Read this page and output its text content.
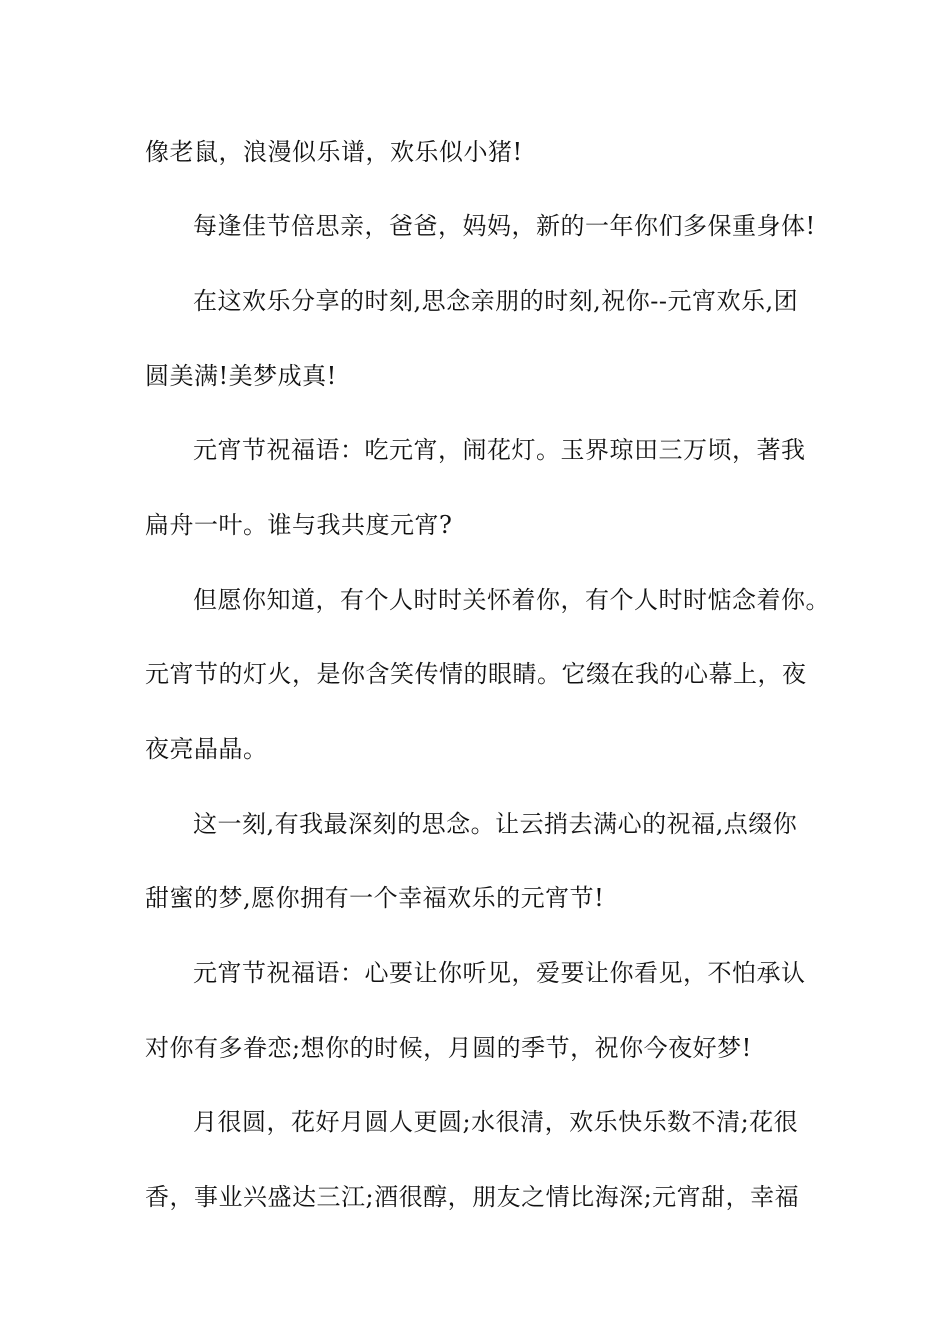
像老鼠，浪漫似乐谱，欢乐似小猪!
每逢佳节倍思亲，爸爸，妈妈，新的一年你们多保重身体!
在这欢乐分享的时刻,思念亲朋的时刻,祝你--元宵欢乐,团
圆美满!美梦成真!
元宵节祝福语：吃元宵，闹花灯。玉界琼田三万顷，著我
扁舟一叶。谁与我共度元宵?
但愿你知道，有个人时时关怀着你，有个人时时惦念着你。
元宵节的灯火，是你含笑传情的眼睛。它缀在我的心幕上，夜
夜亮晶晶。
这一刻,有我最深刻的思念。让云捎去满心的祝福,点缀你
甜蜜的梦,愿你拥有一个幸福欢乐的元宵节!
元宵节祝福语：心要让你听见，爱要让你看见，不怕承认
对你有多眷恋;想你的时候，月圆的季节，祝你今夜好梦!
月很圆，花好月圆人更圆;水很清，欢乐快乐数不清;花很
香，事业兴盛达三江;酒很醇，朋友之情比海深;元宵甜，幸福
